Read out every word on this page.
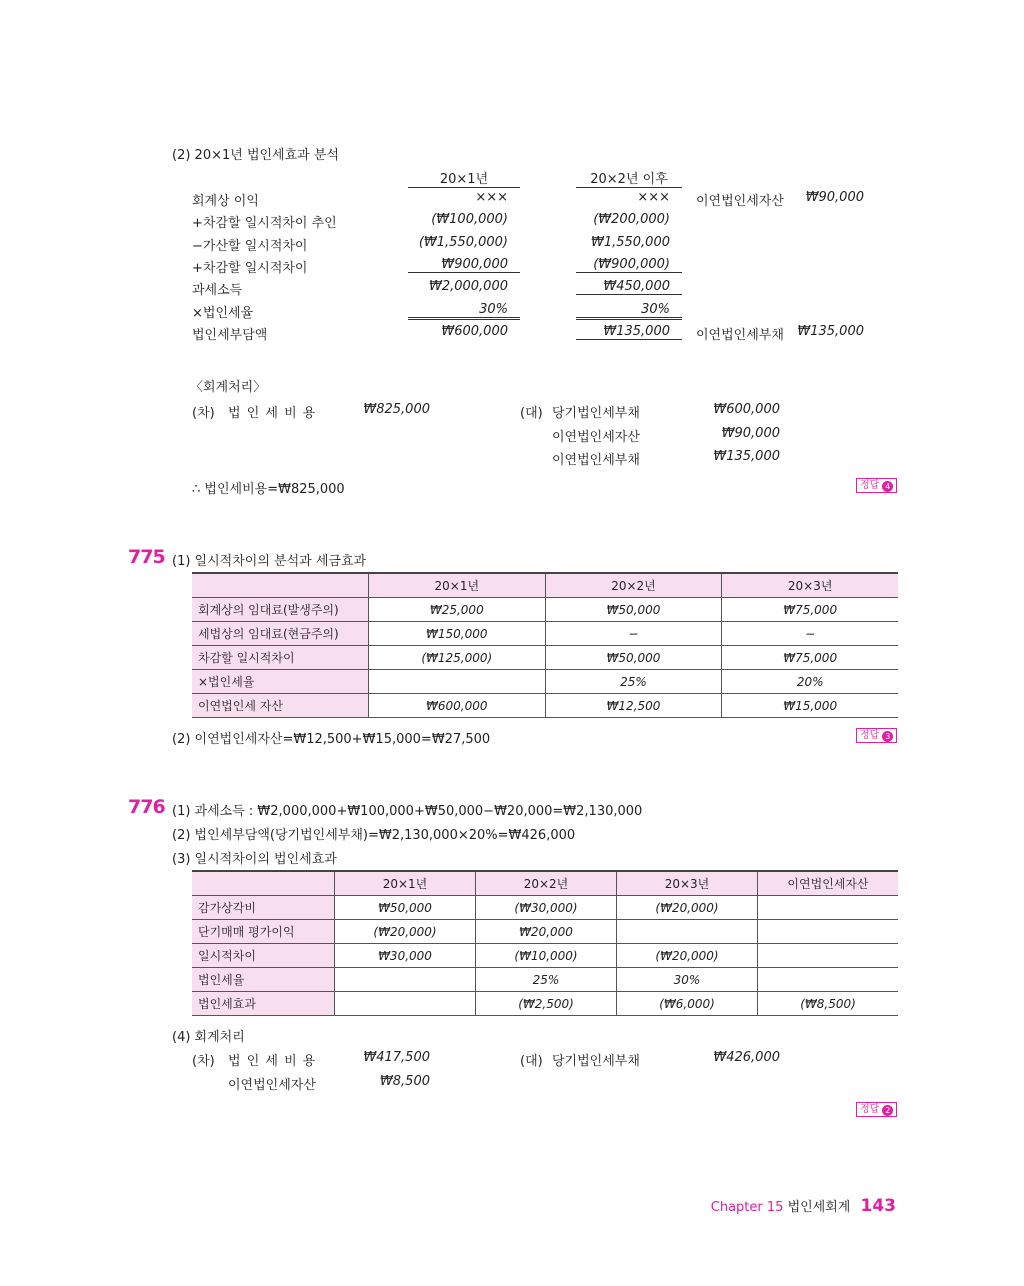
(2) 20×1년 법인세효과 분석
20×1년	20×2년 이후
회계상 이익	×××	×××	이연법인세자산	₩90,000
+차감할 일시적차이 추인	(₩100,000)	(₩200,000)
−가산할 일시적차이	(₩1,550,000)	₩1,550,000
+차감할 일시적차이	₩900,000	(₩900,000)
과세소득	₩2,000,000	₩450,000
×법인세율	30%	30%
법인세부담액	₩600,000	₩135,000	이연법인세부채	₩135,000
〈회계처리〉
(차) 법 인 세 비 용	₩825,000	(대) 당기법인세부채	₩600,000
이연법인세자산	₩90,000
이연법인세부채	₩135,000
∴ 법인세비용=₩825,000	정답 4
775 (1) 일시적차이의 분석과 세금효과
	20×1년	20×2년	20×3년
회계상의 임대료(발생주의)	₩25,000	₩50,000	₩75,000
세법상의 임대료(현금주의)	₩150,000	−	−
차감할 일시적차이	(₩125,000)	₩50,000	₩75,000
×법인세율		25%	20%
이연법인세 자산	₩600,000	₩12,500	₩15,000
(2) 이연법인세자산=₩12,500+₩15,000=₩27,500	정답 3
776 (1) 과세소득 : ₩2,000,000+₩100,000+₩50,000−₩20,000=₩2,130,000
(2) 법인세부담액(당기법인세부채)=₩2,130,000×20%=₩426,000
(3) 일시적차이의 법인세효과
	20×1년	20×2년	20×3년	이연법인세자산
감가상각비	₩50,000	(₩30,000)	(₩20,000)	
단기매매 평가이익	(₩20,000)	₩20,000		
일시적차이	₩30,000	(₩10,000)	(₩20,000)	
법인세율		25%	30%	
법인세효과		(₩2,500)	(₩6,000)	(₩8,500)
(4) 회계처리
(차) 법 인 세 비 용	₩417,500
이연법인세자산	₩8,500
(대) 당기법인세부채	₩426,000
정답 2
Chapter 15 법인세회계 143
